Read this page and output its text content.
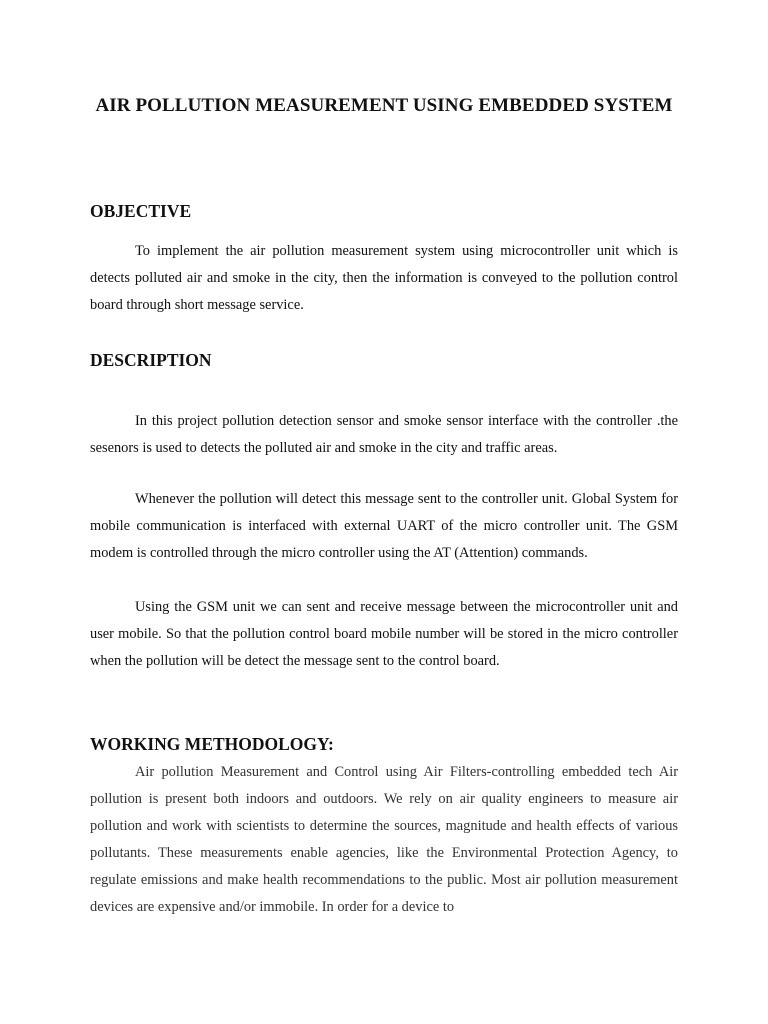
AIR POLLUTION MEASUREMENT USING EMBEDDED SYSTEM
OBJECTIVE

To implement the air pollution measurement system using microcontroller unit which is detects polluted air and smoke in the city, then the information is conveyed to the pollution control board through short message service.

DESCRIPTION

In this project pollution detection sensor and smoke sensor interface with the controller .the sesenors is used to detects the polluted air and smoke in the city and traffic areas.

Whenever the pollution will detect this message sent to the controller unit. Global System for mobile communication is interfaced with external UART of the micro controller unit. The GSM modem is controlled through the micro controller using the AT (Attention) commands.

Using the GSM unit we can sent and receive message between the microcontroller unit and user mobile. So that the pollution control board mobile number will be stored in the micro controller when the pollution will be detect the message sent to the control board.

WORKING METHODOLOGY:

Air pollution Measurement and Control using Air Filters-controlling embedded tech Air pollution is present both indoors and outdoors. We rely on air quality engineers to measure air pollution and work with scientists to determine the sources, magnitude and health effects of various pollutants. These measurements enable agencies, like the Environmental Protection Agency, to regulate emissions and make health recommendations to the public. Most air pollution measurement devices are expensive and/or immobile. In order for a device to
